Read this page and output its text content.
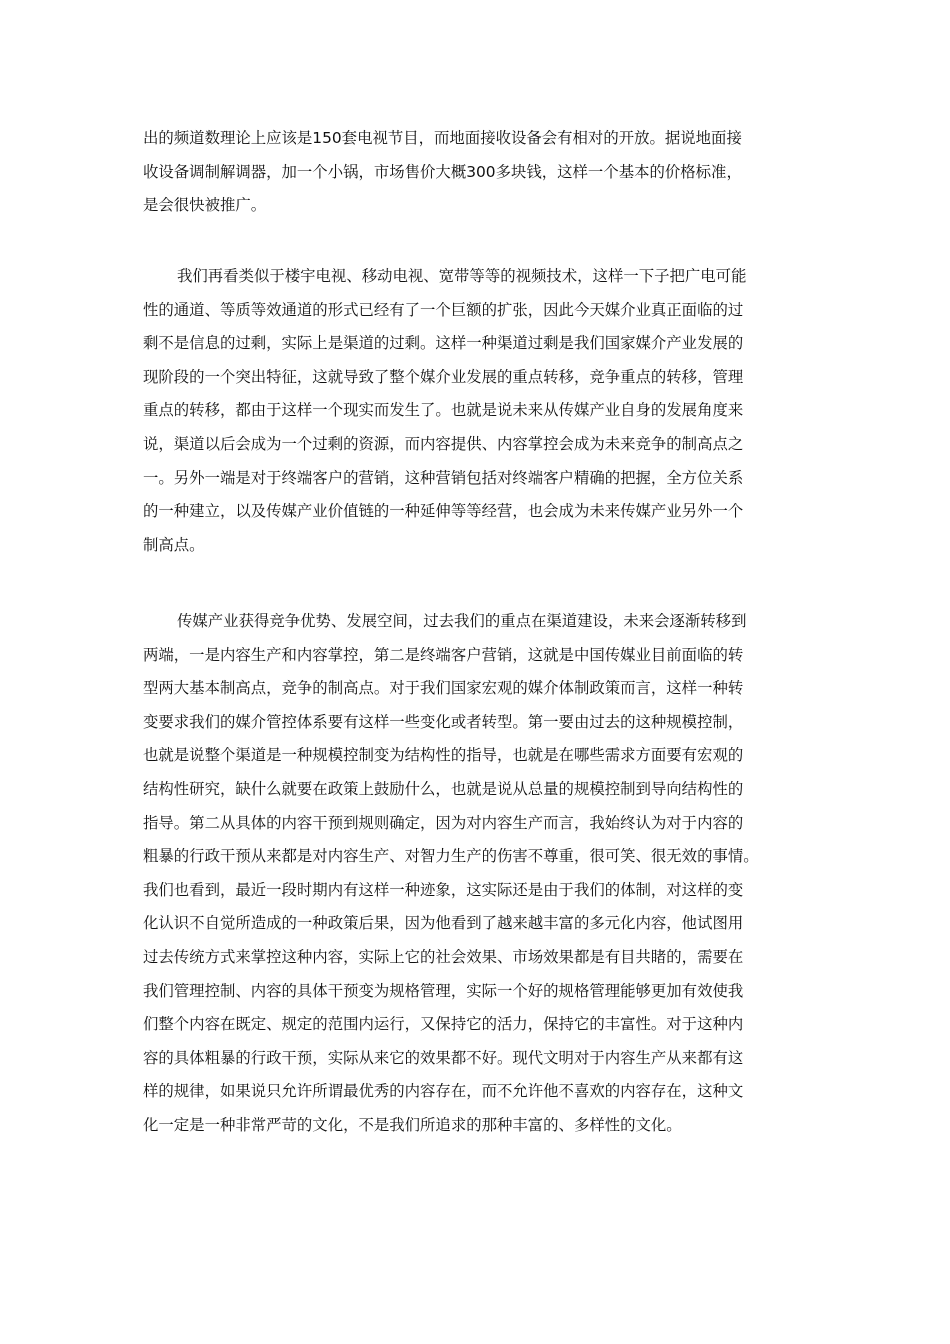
出的频道数理论上应该是150套电视节目，而地面接收设备会有相对的开放。据说地面接
收设备调制解调器，加一个小锅，市场售价大概300多块钱，这样一个基本的价格标准，
是会很快被推广。
我们再看类似于楼宇电视、移动电视、宽带等等的视频技术，这样一下子把广电可能
性的通道、等质等效通道的形式已经有了一个巨额的扩张，因此今天媒介业真正面临的过
剩不是信息的过剩，实际上是渠道的过剩。这样一种渠道过剩是我们国家媒介产业发展的
现阶段的一个突出特征，这就导致了整个媒介业发展的重点转移，竞争重点的转移，管理
重点的转移，都由于这样一个现实而发生了。也就是说未来从传媒产业自身的发展角度来
说，渠道以后会成为一个过剩的资源，而内容提供、内容掌控会成为未来竞争的制高点之
一。另外一端是对于终端客户的营销，这种营销包括对终端客户精确的把握，全方位关系
的一种建立，以及传媒产业价值链的一种延伸等等经营，也会成为未来传媒产业另外一个
制高点。
传媒产业获得竞争优势、发展空间，过去我们的重点在渠道建设，未来会逐渐转移到
两端，一是内容生产和内容掌控，第二是终端客户营销，这就是中国传媒业目前面临的转
型两大基本制高点，竞争的制高点。对于我们国家宏观的媒介体制政策而言，这样一种转
变要求我们的媒介管控体系要有这样一些变化或者转型。第一要由过去的这种规模控制，
也就是说整个渠道是一种规模控制变为结构性的指导，也就是在哪些需求方面要有宏观的
结构性研究，缺什么就要在政策上鼓励什么，也就是说从总量的规模控制到导向结构性的
指导。第二从具体的内容干预到规则确定，因为对内容生产而言，我始终认为对于内容的
粗暴的行政干预从来都是对内容生产、对智力生产的伤害不尊重，很可笑、很无效的事情。
我们也看到，最近一段时期内有这样一种迹象，这实际还是由于我们的体制，对这样的变
化认识不自觉所造成的一种政策后果，因为他看到了越来越丰富的多元化内容，他试图用
过去传统方式来掌控这种内容，实际上它的社会效果、市场效果都是有目共睹的，需要在
我们管理控制、内容的具体干预变为规格管理，实际一个好的规格管理能够更加有效使我
们整个内容在既定、规定的范围内运行，又保持它的活力，保持它的丰富性。对于这种内
容的具体粗暴的行政干预，实际从来它的效果都不好。现代文明对于内容生产从来都有这
样的规律，如果说只允许所谓最优秀的内容存在，而不允许他不喜欢的内容存在，这种文
化一定是一种非常严苛的文化，不是我们所追求的那种丰富的、多样性的文化。
